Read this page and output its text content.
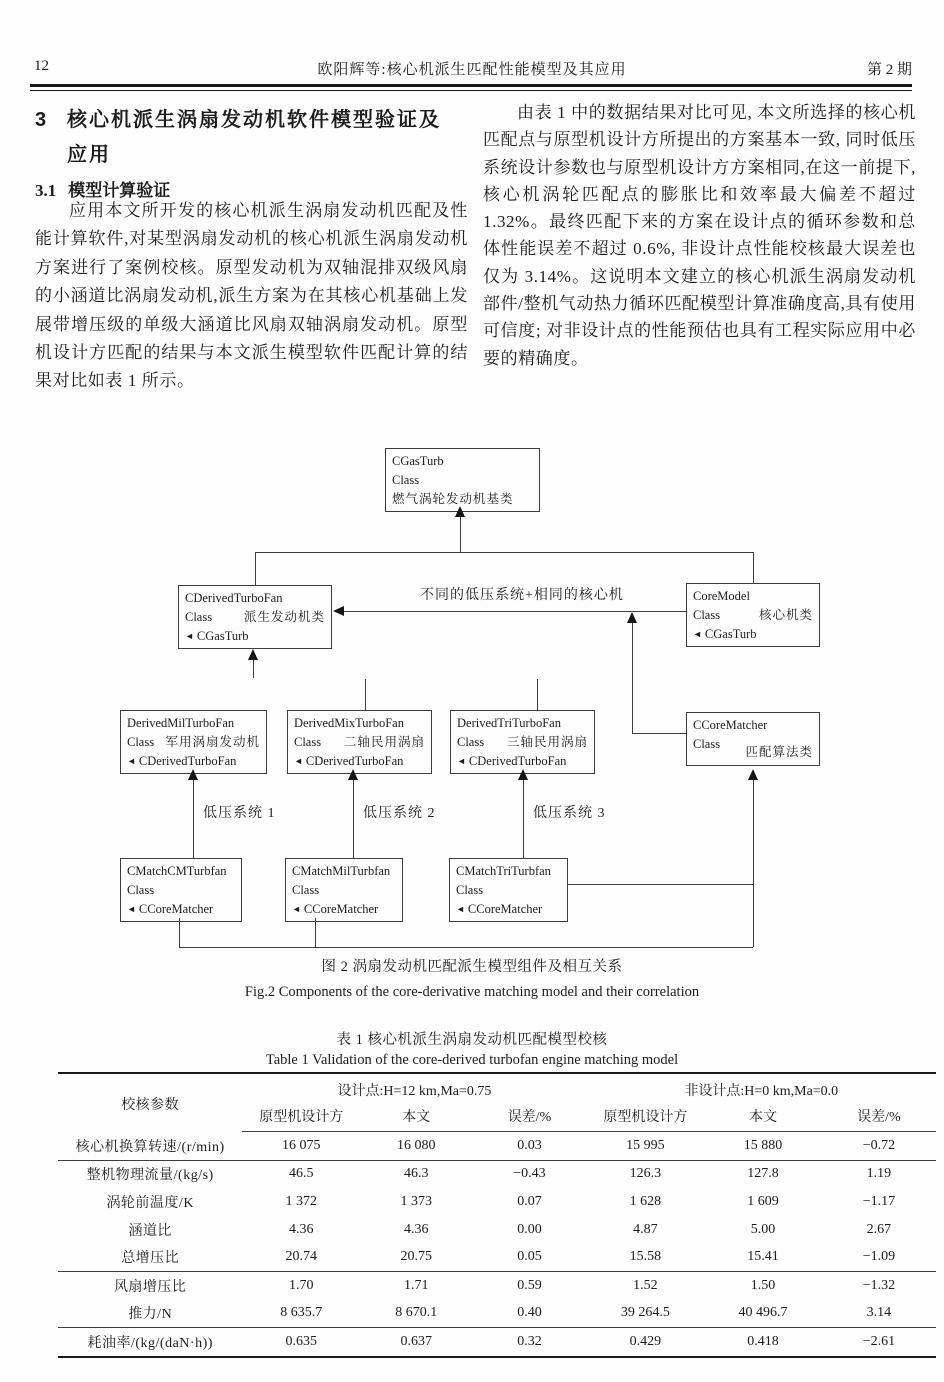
12	欧阳辉等:核心机派生匹配性能模型及其应用	第 2 期
3 核心机派生涡扇发动机软件模型验证及
应用
3.1 模型计算验证
应用本文所开发的核心机派生涡扇发动机匹配及性能计算软件,对某型涡扇发动机的核心机派生涡扇发动机方案进行了案例校核。原型发动机为双轴混排双级风扇的小涵道比涡扇发动机,派生方案为在其核心机基础上发展带增压级的单级大涵道比风扇双轴涡扇发动机。原型机设计方匹配的结果与本文派生模型软件匹配计算的结果对比如表 1 所示。
由表 1 中的数据结果对比可见, 本文所选择的核心机匹配点与原型机设计方所提出的方案基本一致, 同时低压系统设计参数也与原型机设计方方案相同,在这一前提下,核心机涡轮匹配点的膨胀比和效率最大偏差不超过 1.32%。最终匹配下来的方案在设计点的循环参数和总体性能误差不超过 0.6%, 非设计点性能校核最大误差也仅为 3.14%。这说明本文建立的核心机派生涡扇发动机部件/整机气动热力循环匹配模型计算准确度高,具有使用可信度; 对非设计点的性能预估也具有工程实际应用中必要的精确度。
CGasTurb
Class
燃气涡轮发动机基类
CDerivedTurboFan
Class	派生发动机类
◄ CGasTurb
CoreModel
Class	核心机类
◄ CGasTurb
不同的低压系统+相同的核心机
CCoreMatcher
Class
匹配算法类
DerivedMilTurboFan
Class 军用涡扇发动机
◄ CDerivedTurboFan
DerivedMixTurboFan
Class 二轴民用涡扇
◄ CDerivedTurboFan
DerivedTriTurboFan
Class 三轴民用涡扇
◄ CDerivedTurboFan
低压系统 1	低压系统 2	低压系统 3
CMatchCMTurbfan
Class
◄ CCoreMatcher
CMatchMilTurbfan
Class
◄ CCoreMatcher
CMatchTriTurbfan
Class
◄ CCoreMatcher
图 2 涡扇发动机匹配派生模型组件及相互关系
Fig.2 Components of the core-derivative matching model and their correlation
表 1 核心机派生涡扇发动机匹配模型校核
Table 1 Validation of the core-derived turbofan engine matching model
校核参数	设计点:H=12 km,Ma=0.75			非设计点:H=0 km,Ma=0.0		
	原型机设计方	本文	误差/%	原型机设计方	本文	误差/%
核心机换算转速/(r/min)	16 075	16 080	0.03	15 995	15 880	−0.72
整机物理流量/(kg/s)	46.5	46.3	−0.43	126.3	127.8	1.19
涡轮前温度/K	1 372	1 373	0.07	1 628	1 609	−1.17
涵道比	4.36	4.36	0.00	4.87	5.00	2.67
总增压比	20.74	20.75	0.05	15.58	15.41	−1.09
风扇增压比	1.70	1.71	0.59	1.52	1.50	−1.32
推力/N	8 635.7	8 670.1	0.40	39 264.5	40 496.7	3.14
耗油率/(kg/(daN·h))	0.635	0.637	0.32	0.429	0.418	−2.61
